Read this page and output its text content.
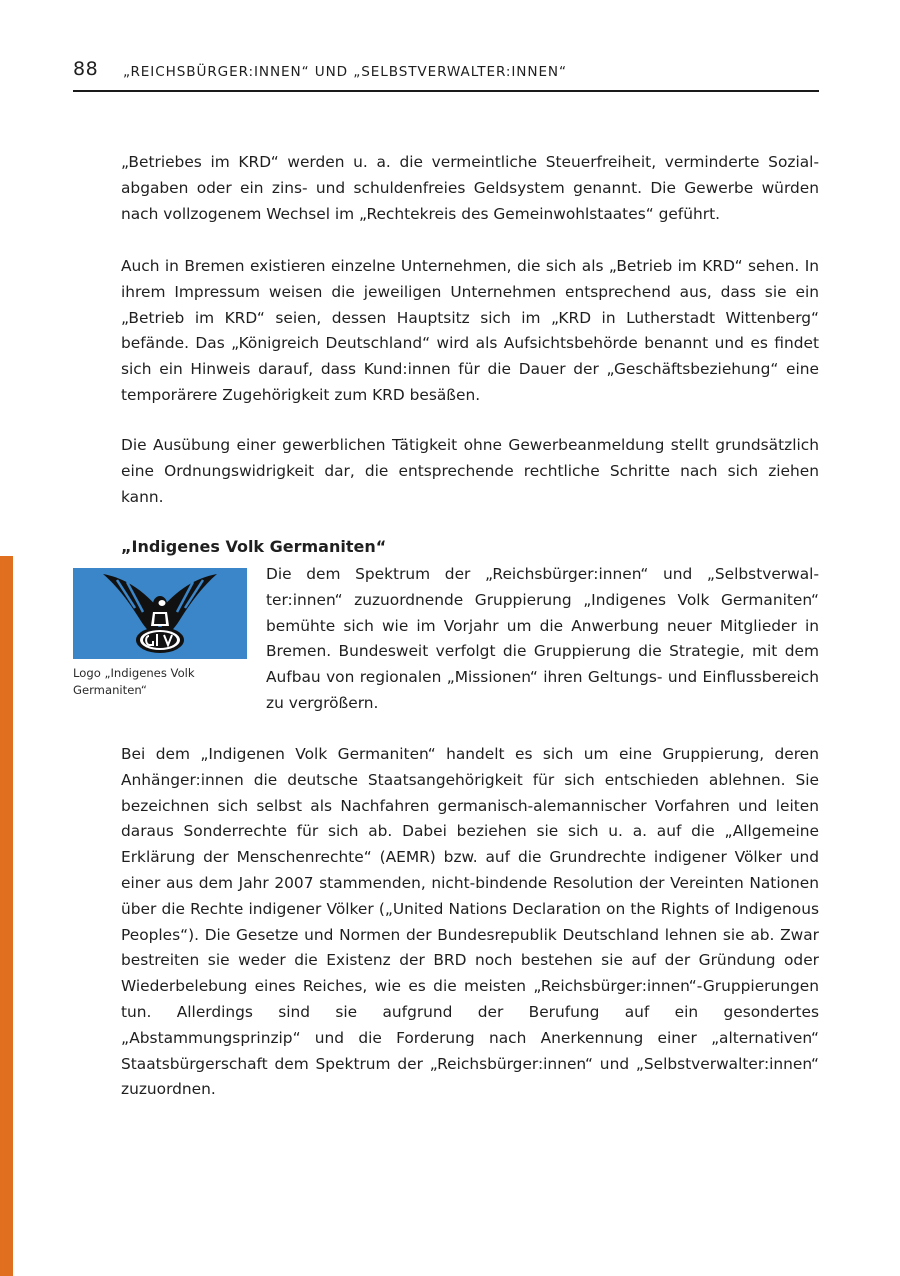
88 „REICHSBÜRGER:INNEN“ UND „SELBSTVERWALTER:INNEN“

„Betriebes im KRD“ werden u. a. die vermeintliche Steuerfreiheit, verminderte Sozialabgaben oder ein zins- und schuldenfreies Geldsystem genannt. Die Gewerbe würden nach vollzogenem Wechsel im „Rechtekreis des Gemeinwohlstaates“ geführt.

Auch in Bremen existieren einzelne Unternehmen, die sich als „Betrieb im KRD“ sehen. In ihrem Impressum weisen die jeweiligen Unternehmen entsprechend aus, dass sie ein „Betrieb im KRD“ seien, dessen Hauptsitz sich im „KRD in Lutherstadt Wittenberg“ befände. Das „Königreich Deutschland“ wird als Aufsichtsbehörde benannt und es findet sich ein Hinweis darauf, dass Kund:innen für die Dauer der „Geschäftsbeziehung“ eine temporärere Zugehörigkeit zum KRD besäßen.

Die Ausübung einer gewerblichen Tätigkeit ohne Gewerbeanmeldung stellt grundsätzlich eine Ordnungswidrigkeit dar, die entsprechende rechtliche Schritte nach sich ziehen kann.

„Indigenes Volk Germaniten“

Logo „Indigenes Volk Germaniten“

Die dem Spektrum der „Reichsbürger:innen“ und „Selbstverwalter:innen“ zuzuordnende Gruppierung „Indigenes Volk Germaniten“ bemühte sich wie im Vorjahr um die Anwerbung neuer Mitglieder in Bremen. Bundesweit verfolgt die Gruppierung die Strategie, mit dem Aufbau von regionalen „Missionen“ ihren Geltungs- und Einflussbereich zu vergrößern.

Bei dem „Indigenen Volk Germaniten“ handelt es sich um eine Gruppierung, deren Anhänger:innen die deutsche Staatsangehörigkeit für sich entschieden ablehnen. Sie bezeichnen sich selbst als Nachfahren germanisch-alemannischer Vorfahren und leiten daraus Sonderrechte für sich ab. Dabei beziehen sie sich u. a. auf die „Allgemeine Erklärung der Menschenrechte“ (AEMR) bzw. auf die Grundrechte indigener Völker und einer aus dem Jahr 2007 stammenden, nicht-bindende Resolution der Vereinten Nationen über die Rechte indigener Völker („United Nations Declaration on the Rights of Indigenous Peoples“). Die Gesetze und Normen der Bundesrepublik Deutschland lehnen sie ab. Zwar bestreiten sie weder die Existenz der BRD noch bestehen sie auf der Gründung oder Wiederbelebung eines Reiches, wie es die meisten „Reichsbürger:innen“-Gruppierungen tun. Allerdings sind sie aufgrund der Berufung auf ein gesondertes „Abstammungsprinzip“ und die Forderung nach Anerkennung einer „alternativen“ Staatsbürgerschaft dem Spektrum der „Reichsbürger:innen“ und „Selbstverwalter:innen“ zuzuordnen.
